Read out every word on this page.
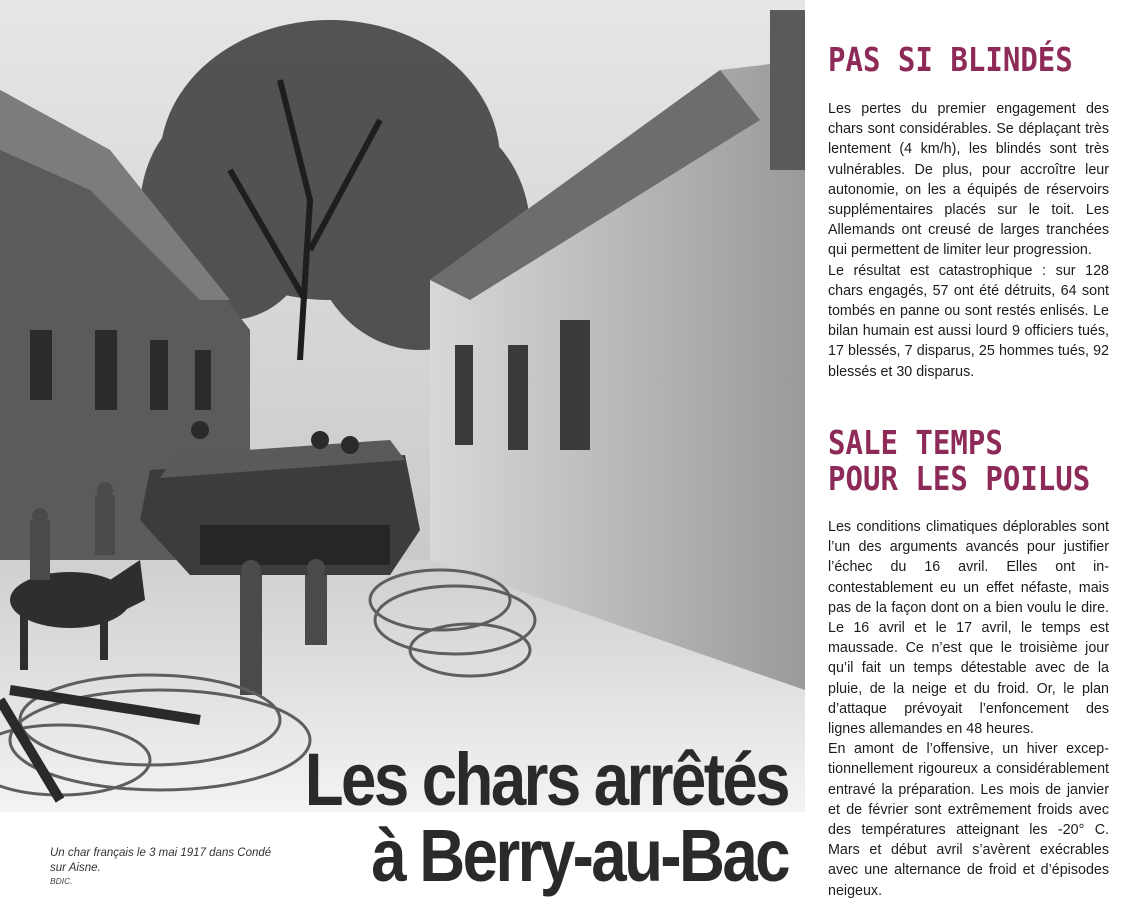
Un char français le 3 mai 1917 dans Condé sur Aisne.
BDIC.
Les chars arrêtés
à Berry-au-Bac
PAS SI BLINDÉS

Les pertes du premier engagement des chars sont considérables. Se déplaçant très lentement (4 km/h), les blindés sont très vulnérables. De plus, pour accroître leur autonomie, on les a équipés de réservoirs supplémentaires placés sur le toit. Les Allemands ont creusé de larges tranchées qui permettent de limiter leur progression.

Le résultat est catastrophique : sur 128 chars engagés, 57 ont été détruits, 64 sont tombés en panne ou sont restés enlisés. Le bilan humain est aussi lourd 9 officiers tués, 17 blessés, 7 disparus, 25 hommes tués, 92 blessés et 30 disparus.

SALE TEMPS
POUR LES POILUS

Les conditions climatiques déplorables sont l’un des arguments avancés pour justifier l’échec du 16 avril. Elles ont incontestablement eu un effet néfaste, mais pas de la façon dont on a bien voulu le dire. Le 16 avril et le 17 avril, le temps est maussade. Ce n’est que le troisième jour qu’il fait un temps détestable avec de la pluie, de la neige et du froid. Or, le plan d’attaque prévoyait l’enfoncement des lignes allemandes en 48 heures.

En amont de l’offensive, un hiver exceptionnellement rigoureux a considérablement entravé la préparation. Les mois de janvier et de février sont extrêmement froids avec des températures atteignant les -20° C. Mars et début avril s’avèrent exécrables avec une alternance de froid et d’épisodes neigeux.
